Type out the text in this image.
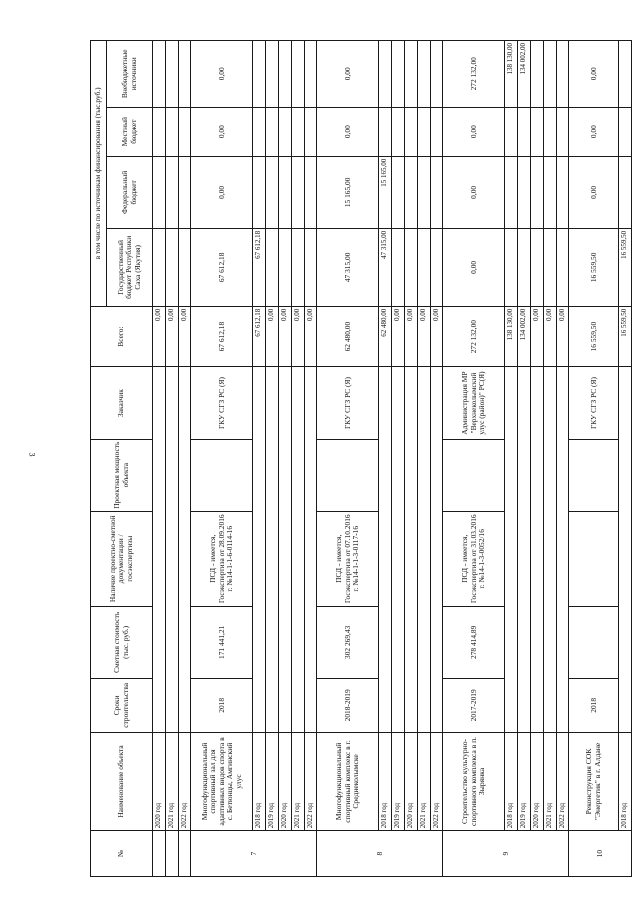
3
№	Наименование объекта	Сроки строительства	Сметная стоимость (тыс. руб.)	Наличие проектно-сметной документации /госэкспертизы	Проектная мощность объекта	Заказчик	Всего:	в том числе по источникам финансирования (тыс.руб.)			
								Государственный бюджет Республики Саха (Якутия)	Федеральный бюджет	Местный бюджет	Внебюджетные источники
	2020 год						0,00				
	2021 год						0,00				
	2022 год						0,00				
7	Многофункциональный спортивный зал для адаптивных видов спорта в с. Бетюнцы, Амгинский улус	2018	171 441,21	ПСД - имеется, Госэкспертиза от 28.09.2016 г. №14-1-1-6-0114-16		ГКУ СГЗ РС (Я)	67 612,18	67 612,18	0,00	0,00	0,00
	2018 год						67 612,18	67 612,18			
	2019 год						0,00				
	2020 год						0,00				
	2021 год						0,00				
	2022 год						0,00				
8	Многофункциональный спортивный комплекс в г. Среднеколымске	2018-2019	302 269,43	ПСД - имеется, Госэкспертиза от 07.10.2016 г. №14-1-1-3-0117-16		ГКУ СГЗ РС (Я)	62 480,00	47 315,00	15 165,00	0,00	0,00
	2018 год						62 480,00	47 315,00	15 165,00		
	2019 год						0,00				
	2020 год						0,00				
	2021 год						0,00				
	2022 год						0,00				
9	Строительство культурно-спортивного комплекса в п. Зырянка	2017-2019	278 414,89	ПСД - имеется, Госэкспертиза от 31.03.2016 г. №14-1-3-0052/16		Администрация МР "Верхнеколымский улус (район)" РС(Я)	272 132,00	0,00	0,00	0,00	272 132,00
	2018 год						138 130,00				138 130,00
	2019 год						134 002,00				134 002,00
	2020 год						0,00				
	2021 год						0,00				
	2022 год						0,00				
10	Реконструкция СОК "Энергетик" в г. Алдане	2018				ГКУ СГЗ РС (Я)	16 559,50	16 559,50	0,00	0,00	0,00
	2018 год						16 559,50	16 559,50			
